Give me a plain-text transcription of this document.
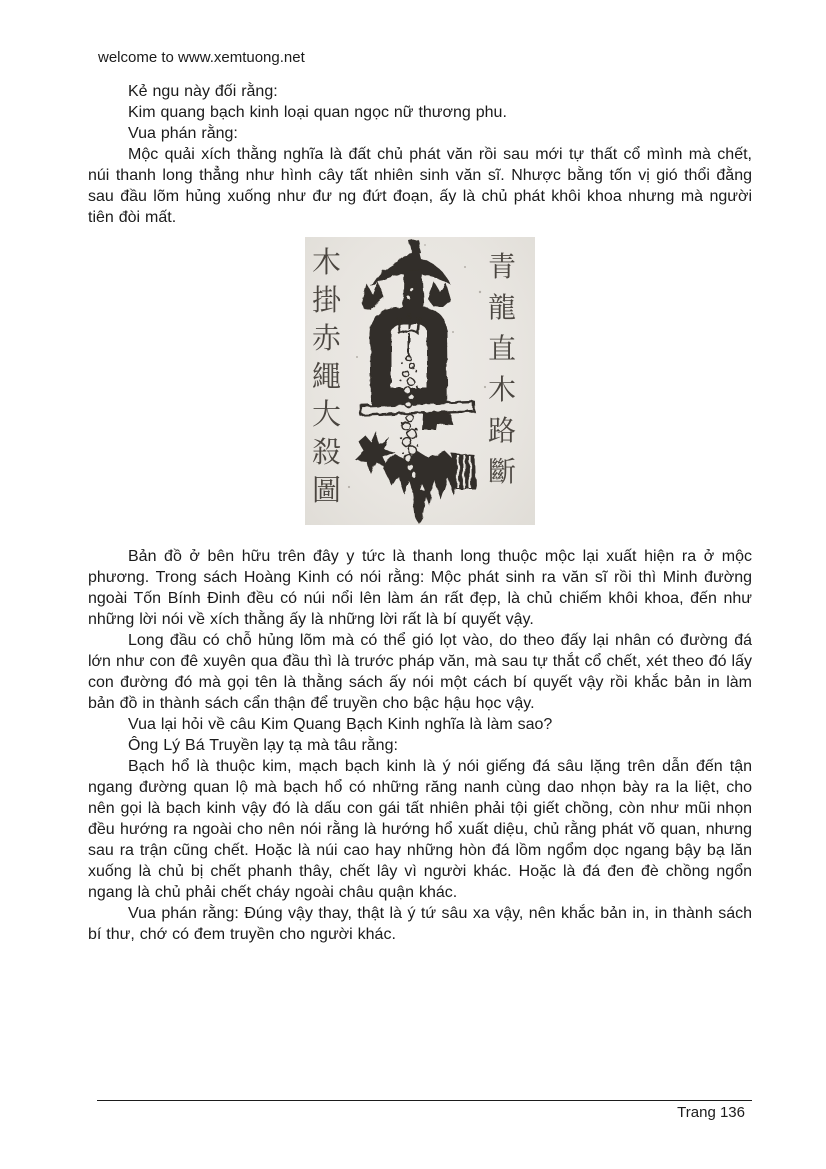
welcome to www.xemtuong.net

Kẻ ngu này đối rằng:

Kim quang bạch kinh loại quan ngọc nữ thương phu.

Vua phán rằng:

Mộc quải xích thằng nghĩa là đất chủ phát văn rồi sau mới tự thất cổ mình mà chết, núi thanh long thẳng như hình cây tất nhiên sinh văn sĩ. Nhược bằng tốn vị gió thổi đằng sau đầu lõm hủng xuống như đư ng đứt đoạn, ấy là chủ phát khôi khoa nhưng mà người tiên đòi mất.

木
掛
赤
繩
大
殺
圖
青
龍
直
木
路
斷

Bản đồ ở bên hữu trên đây y tức là thanh long thuộc mộc lại xuất hiện ra ở mộc phương. Trong sách Hoàng Kinh có nói rằng: Mộc phát sinh ra văn sĩ rồi thì Minh đường ngoài Tốn Bính Đinh đều có núi nổi lên làm án rất đẹp, là chủ chiếm khôi khoa, đến như những lời nói về xích thằng ấy là những lời rất là bí quyết vậy.

Long đầu có chỗ hủng lõm mà có thể gió lọt vào, do theo đấy lại nhân có đường đá lớn như con đê xuyên qua đầu thì là trước pháp văn, mà sau tự thắt cổ chết, xét theo đó lấy con đường đó mà gọi tên là thằng sách ấy nói một cách bí quyết vậy rồi khắc bản in làm bản đồ in thành sách cẩn thận để truyền cho bậc hậu học vậy.

Vua lại hỏi về câu Kim Quang Bạch Kinh nghĩa là làm sao?

Ông Lý Bá Truyền lạy tạ mà tâu rằng:

Bạch hổ là thuộc kim, mạch bạch kinh là ý nói giếng đá sâu lặng trên dẫn đến tận ngang đường quan lộ mà bạch hổ có những răng nanh cùng dao nhọn bày ra la liệt, cho nên gọi là bạch kinh vậy đó là dấu con gái tất nhiên phải tội giết chồng, còn như mũi nhọn đều hướng ra ngoài cho nên nói rằng là hướng hổ xuất diệu, chủ rằng phát võ quan, nhưng sau ra trận cũng chết. Hoặc là núi cao hay những hòn đá lồm ngổm dọc ngang bậy bạ lăn xuống là chủ bị chết phanh thây, chết lây vì người khác. Hoặc là đá đen đè chồng ngổn ngang là chủ phải chết cháy ngoài châu quận khác.

Vua phán rằng: Đúng vậy thay, thật là ý tứ sâu xa vậy, nên khắc bản in, in thành sách bí thư, chớ có đem truyền cho người khác.

Trang 136
